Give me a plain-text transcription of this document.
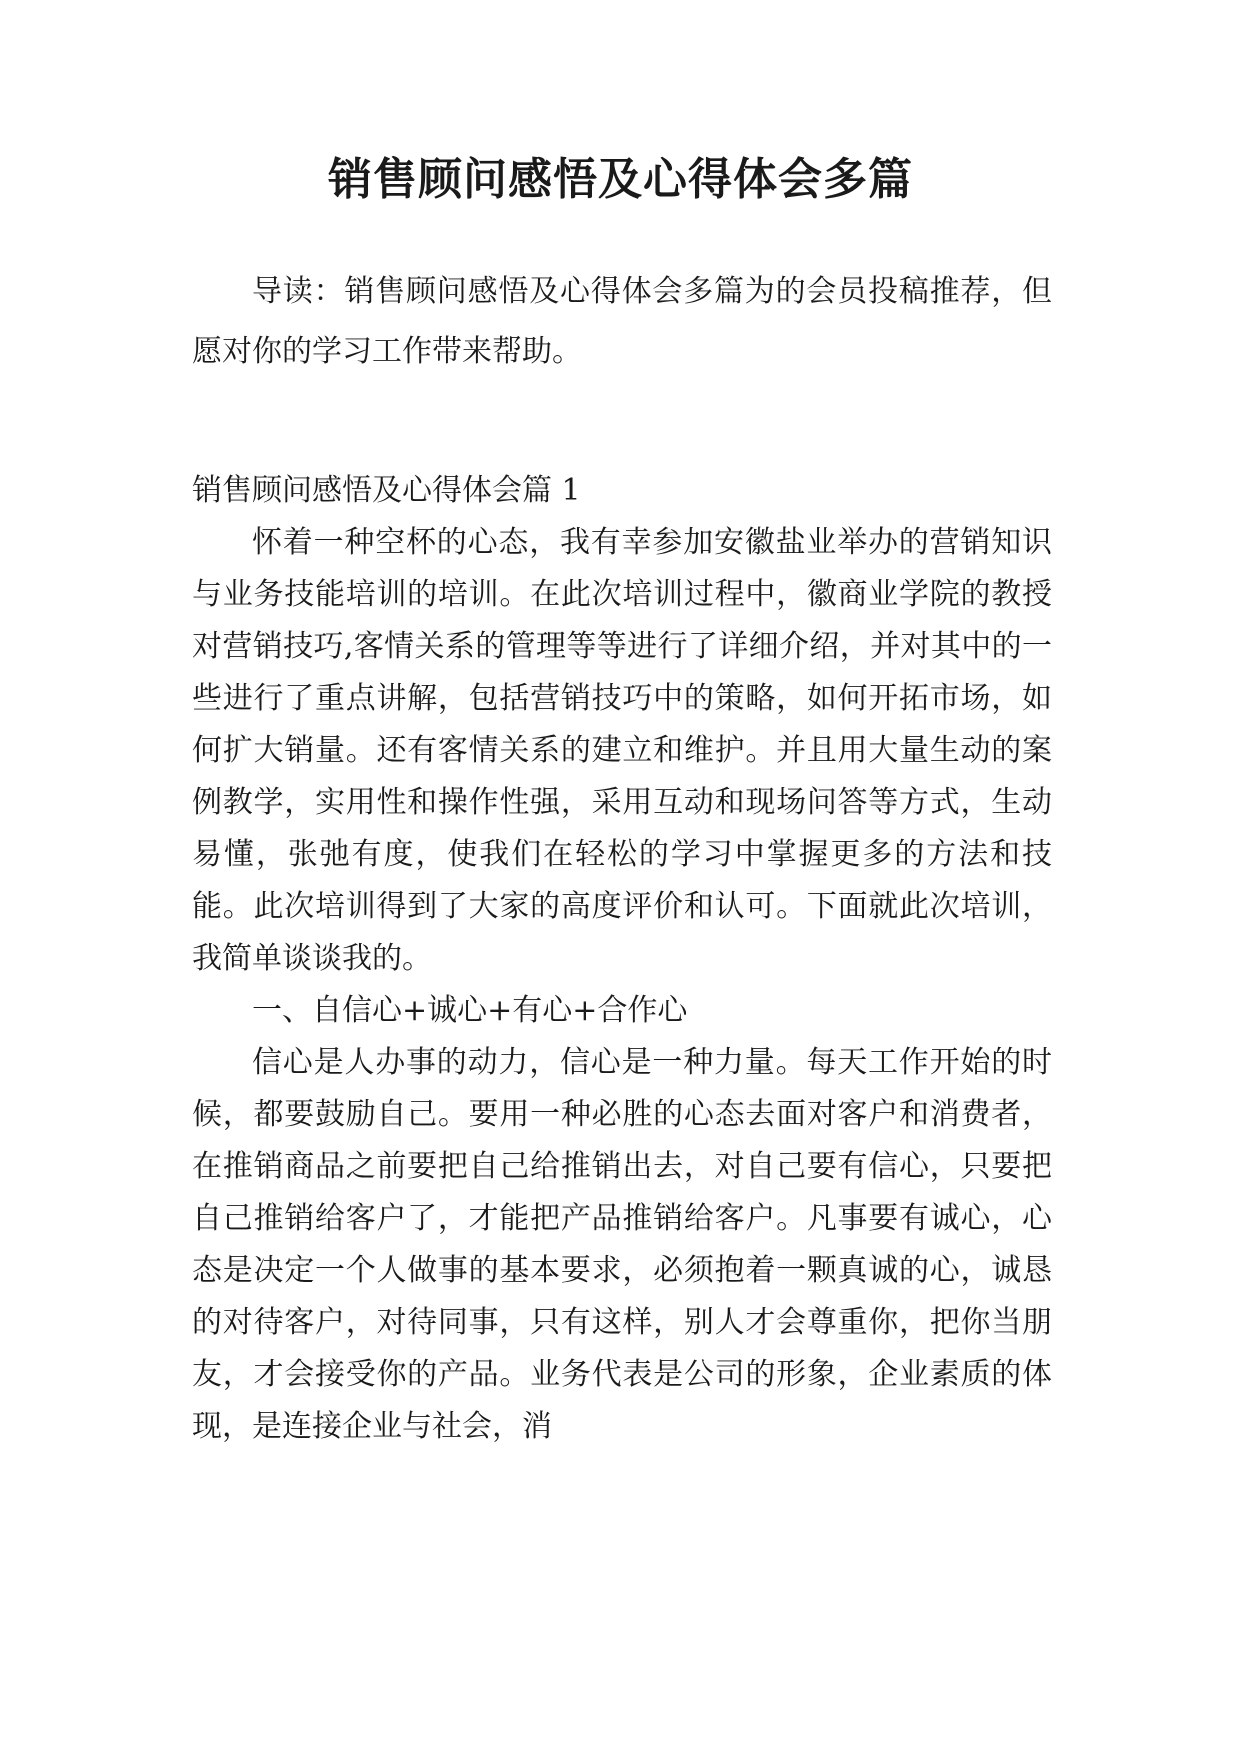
销售顾问感悟及心得体会多篇

导读：销售顾问感悟及心得体会多篇为的会员投稿推荐，但愿对你的学习工作带来帮助。

销售顾问感悟及心得体会篇 1

怀着一种空杯的心态，我有幸参加安徽盐业举办的营销知识与业务技能培训的培训。在此次培训过程中，徽商业学院的教授对营销技巧,客情关系的管理等等进行了详细介绍，并对其中的一些进行了重点讲解，包括营销技巧中的策略，如何开拓市场，如何扩大销量。还有客情关系的建立和维护。并且用大量生动的案例教学，实用性和操作性强，采用互动和现场问答等方式，生动易懂，张弛有度，使我们在轻松的学习中掌握更多的方法和技能。此次培训得到了大家的高度评价和认可。下面就此次培训，我简单谈谈我的。

一、自信心+诚心+有心+合作心

信心是人办事的动力，信心是一种力量。每天工作开始的时候，都要鼓励自己。要用一种必胜的心态去面对客户和消费者，在推销商品之前要把自己给推销出去，对自己要有信心，只要把自己推销给客户了，才能把产品推销给客户。凡事要有诚心，心态是决定一个人做事的基本要求，必须抱着一颗真诚的心，诚恳的对待客户，对待同事，只有这样，别人才会尊重你，把你当朋友，才会接受你的产品。业务代表是公司的形象，企业素质的体现，是连接企业与社会，消
